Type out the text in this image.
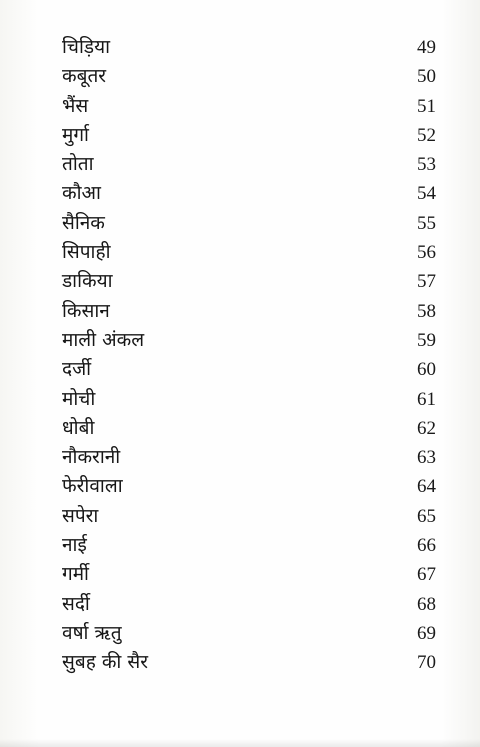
चिड़िया	49
कबूतर	50
भैंस	51
मुर्गा	52
तोता	53
कौआ	54
सैनिक	55
सिपाही	56
डाकिया	57
किसान	58
माली अंकल	59
दर्जी	60
मोची	61
धोबी	62
नौकरानी	63
फेरीवाला	64
सपेरा	65
नाई	66
गर्मी	67
सर्दी	68
वर्षा ऋतु	69
सुबह की सैर	70
